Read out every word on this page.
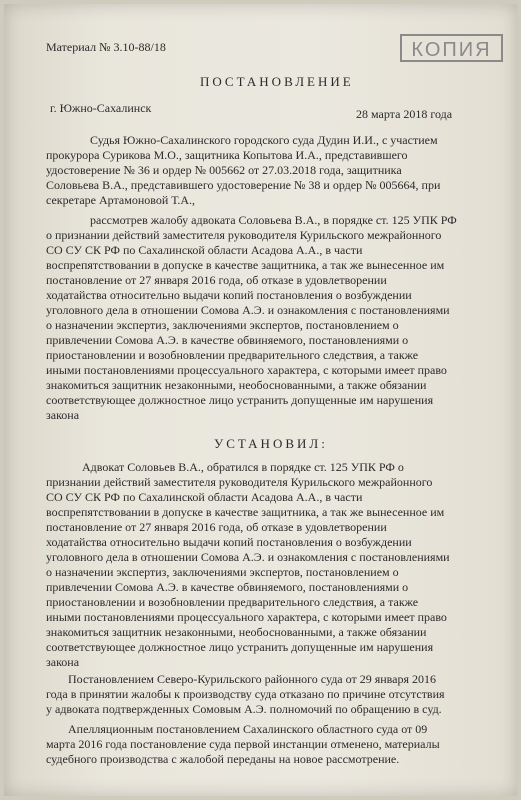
Материал № 3.10-88/18	КОПИЯ
ПОСТАНОВЛЕНИЕ
г. Южно-Сахалинск	28 марта 2018 года
Судья Южно-Сахалинского городского суда Дудин И.И., с участием
прокурора Сурикова М.О., защитника Копытова И.А., представившего
удостоверение № 36 и ордер № 005662 от 27.03.2018 года, защитника
Соловьева В.А., представившего удостоверение № 38 и ордер № 005664, при
секретаре Артамоновой Т.А.,
рассмотрев жалобу адвоката Соловьева В.А., в порядке ст. 125 УПК РФ
о признании действий заместителя руководителя Курильского межрайонного
СО СУ СК РФ по Сахалинской области Асадова А.А., в части
воспрепятствовании в допуске в качестве защитника, а так же вынесенное им
постановление от 27 января 2016 года, об отказе в удовлетворении
ходатайства относительно выдачи копий постановления о возбуждении
уголовного дела в отношении Сомова А.Э. и ознакомления с постановлениями
о назначении экспертиз, заключениями экспертов, постановлением о
привлечении Сомова А.Э. в качестве обвиняемого, постановлениями о
приостановлении и возобновлении предварительного следствия, а также
иными постановлениями процессуального характера, с которыми имеет право
знакомиться защитник незаконными, необоснованными, а также обязании
соответствующее должностное лицо устранить допущенные им нарушения
закона
УСТАНОВИЛ:
Адвокат Соловьев В.А., обратился в порядке ст. 125 УПК РФ о
признании действий заместителя руководителя Курильского межрайонного
СО СУ СК РФ по Сахалинской области Асадова А.А., в части
воспрепятствовании в допуске в качестве защитника, а так же вынесенное им
постановление от 27 января 2016 года, об отказе в удовлетворении
ходатайства относительно выдачи копий постановления о возбуждении
уголовного дела в отношении Сомова А.Э. и ознакомления с постановлениями
о назначении экспертиз, заключениями экспертов, постановлением о
привлечении Сомова А.Э. в качестве обвиняемого, постановлениями о
приостановлении и возобновлении предварительного следствия, а также
иными постановлениями процессуального характера, с которыми имеет право
знакомиться защитник незаконными, необоснованными, а также обязании
соответствующее должностное лицо устранить допущенные им нарушения
закона
Постановлением Северо-Курильского районного суда от 29 января 2016
года в принятии жалобы к производству суда отказано по причине отсутствия
у адвоката подтвержденных Сомовым А.Э. полномочий по обращению в суд.
Апелляционным постановлением Сахалинского областного суда от 09
марта 2016 года постановление суда первой инстанции отменено, материалы
судебного производства с жалобой переданы на новое рассмотрение.
